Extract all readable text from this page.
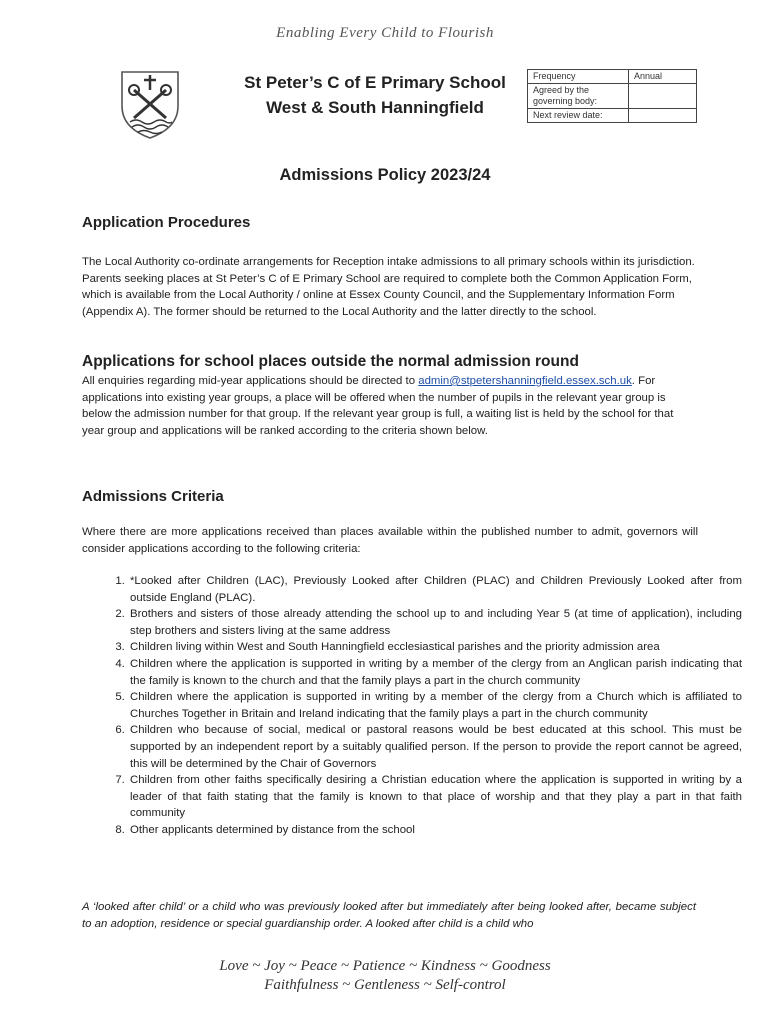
Enabling Every Child to Flourish
St Peter’s C of E Primary School
West & South Hanningfield
Frequency	Annual
Agreed by the governing body:	
Next review date:	
Admissions Policy 2023/24
Application Procedures
The Local Authority co-ordinate arrangements for Reception intake admissions to all primary schools within its jurisdiction. Parents seeking places at St Peter’s C of E Primary School are required to complete both the Common Application Form, which is available from the Local Authority / online at Essex County Council, and the Supplementary Information Form (Appendix A). The former should be returned to the Local Authority and the latter directly to the school.
Applications for school places outside the normal admission round
All enquiries regarding mid-year applications should be directed to admin@stpetershanningfield.essex.sch.uk. For applications into existing year groups, a place will be offered when the number of pupils in the relevant year group is below the admission number for that group. If the relevant year group is full, a waiting list is held by the school for that year group and applications will be ranked according to the criteria shown below.
Admissions Criteria
Where there are more applications received than places available within the published number to admit, governors will consider applications according to the following criteria:
1. *Looked after Children (LAC), Previously Looked after Children (PLAC) and Children Previously Looked after from outside England (PLAC).
2. Brothers and sisters of those already attending the school up to and including Year 5 (at time of application), including step brothers and sisters living at the same address
3. Children living within West and South Hanningfield ecclesiastical parishes and the priority admission area
4. Children where the application is supported in writing by a member of the clergy from an Anglican parish indicating that the family is known to the church and that the family plays a part in the church community
5. Children where the application is supported in writing by a member of the clergy from a Church which is affiliated to Churches Together in Britain and Ireland indicating that the family plays a part in the church community
6. Children who because of social, medical or pastoral reasons would be best educated at this school. This must be supported by an independent report by a suitably qualified person. If the person to provide the report cannot be agreed, this will be determined by the Chair of Governors
7. Children from other faiths specifically desiring a Christian education where the application is supported in writing by a leader of that faith stating that the family is known to that place of worship and that they play a part in that faith community
8. Other applicants determined by distance from the school
A ‘looked after child’ or a child who was previously looked after but immediately after being looked after, became subject to an adoption, residence or special guardianship order. A looked after child is a child who
Love ~ Joy ~ Peace ~ Patience ~ Kindness ~ Goodness
Faithfulness ~ Gentleness ~ Self-control
